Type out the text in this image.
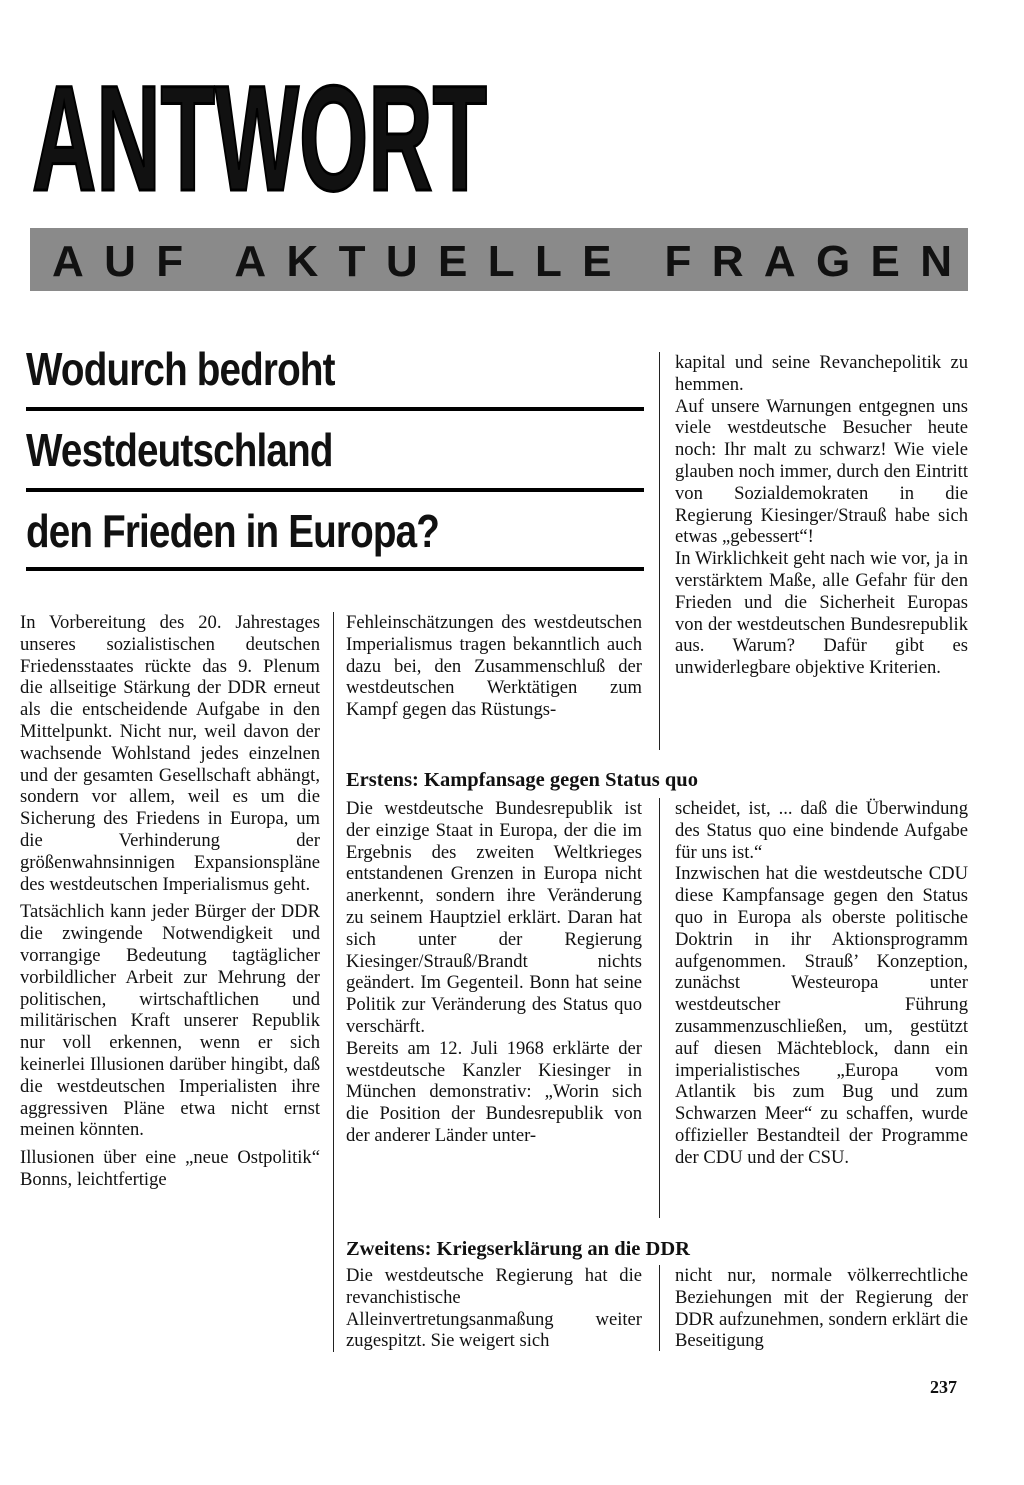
ANTWORT
AUF AKTUELLE FRAGEN
Wodurch bedroht
Westdeutschland
den Frieden in Europa?

In Vorbereitung des 20. Jahrestages unseres sozialistischen deutschen Friedensstaates rückte das 9. Plenum die allseitige Stärkung der DDR erneut als die entscheidende Aufgabe in den Mittelpunkt. Nicht nur, weil davon der wachsende Wohlstand jedes einzelnen und der gesamten Gesellschaft abhängt, sondern vor allem, weil es um die Sicherung des Friedens in Europa, um die Verhinderung der größenwahnsinnigen Expansionspläne des westdeutschen Imperialismus geht.

Tatsächlich kann jeder Bürger der DDR die zwingende Notwendigkeit und vorrangige Bedeutung tagtäglicher vorbildlicher Arbeit zur Mehrung der politischen, wirtschaftlichen und militärischen Kraft unserer Republik nur voll erkennen, wenn er sich keinerlei Illusionen darüber hingibt, daß die westdeutschen Imperialisten ihre aggressiven Pläne etwa nicht ernst meinen könnten.

Illusionen über eine „neue Ostpolitik“ Bonns, leichtfertige

Fehleinschätzungen des westdeutschen Imperialismus tragen bekanntlich auch dazu bei, den Zusammenschluß der westdeutschen Werktätigen zum Kampf gegen das Rüstungs-

kapital und seine Revanchepolitik zu hemmen.

Auf unsere Warnungen entgegnen uns viele westdeutsche Besucher heute noch: Ihr malt zu schwarz! Wie viele glauben noch immer, durch den Eintritt von Sozialdemokraten in die Regierung Kiesinger/Strauß habe sich etwas „gebessert“!

In Wirklichkeit geht nach wie vor, ja in verstärktem Maße, alle Gefahr für den Frieden und die Sicherheit Europas von der westdeutschen Bundesrepublik aus. Warum? Dafür gibt es unwiderlegbare objektive Kriterien.

Erstens: Kampfansage gegen Status quo

Die westdeutsche Bundesrepublik ist der einzige Staat in Europa, der die im Ergebnis des zweiten Weltkrieges entstandenen Grenzen in Europa nicht anerkennt, sondern ihre Veränderung zu seinem Hauptziel erklärt. Daran hat sich unter der Regierung Kiesinger/Strauß/Brandt nichts geändert. Im Gegenteil. Bonn hat seine Politik zur Veränderung des Status quo verschärft.

Bereits am 12. Juli 1968 erklärte der westdeutsche Kanzler Kiesinger in München demonstrativ: „Worin sich die Position der Bundesrepublik von der anderer Länder unter-

scheidet, ist, ... daß die Überwindung des Status quo eine bindende Aufgabe für uns ist.“

Inzwischen hat die westdeutsche CDU diese Kampfansage gegen den Status quo in Europa als oberste politische Doktrin in ihr Aktionsprogramm aufgenommen. Strauß’ Konzeption, zunächst Westeuropa unter westdeutscher Führung zusammenzuschließen, um, gestützt auf diesen Mächteblock, dann ein imperialistisches „Europa vom Atlantik bis zum Bug und zum Schwarzen Meer“ zu schaffen, wurde offizieller Bestandteil der Programme der CDU und der CSU.

Zweitens: Kriegserklärung an die DDR

Die westdeutsche Regierung hat die revanchistische Alleinvertretungsanmaßung weiter zugespitzt. Sie weigert sich

nicht nur, normale völkerrechtliche Beziehungen mit der Regierung der DDR aufzunehmen, sondern erklärt die Beseitigung

237
